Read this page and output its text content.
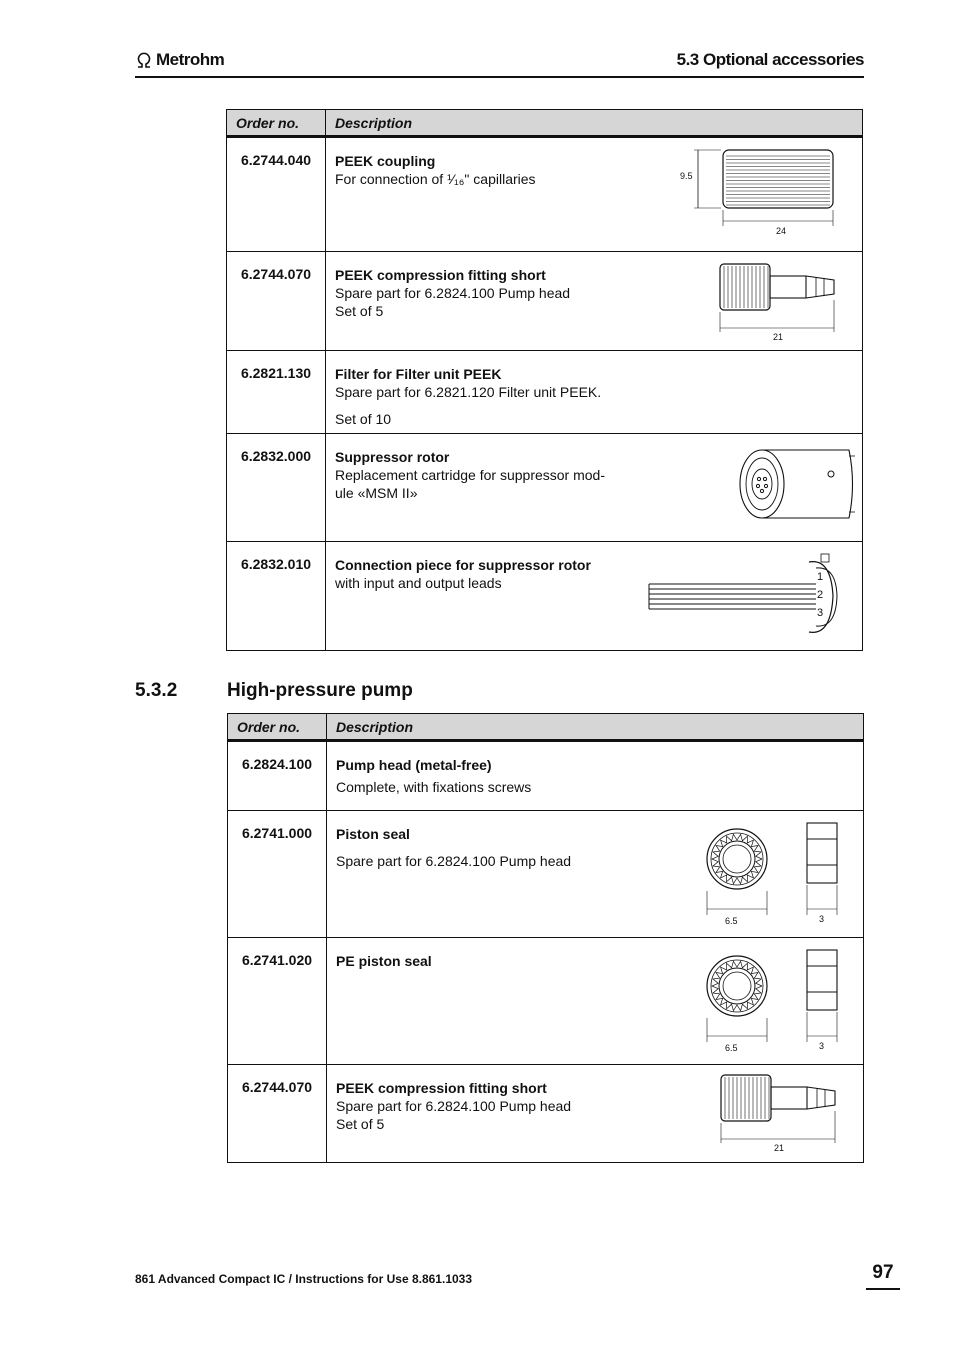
Metrohm	5.3 Optional accessories
Order no.	Description
6.2744.040	PEEK coupling
For connection of ¹⁄₁₆" capillaries 9.5
24

6.2744.070	PEEK compression fitting short
Spare part for 6.2824.100 Pump head
Set of 5
21

6.2821.130	Filter for Filter unit PEEK
Spare part for 6.2821.120 Filter unit PEEK.
Set of 10

6.2832.000	Suppressor rotor
Replacement cartridge for suppressor mod-
ule «MSM II»

6.2832.010	Connection piece for suppressor rotor
with input and output leads 1
2
3
5.3.2	High-pressure pump
Order no.	Description
6.2824.100	Pump head (metal-free)
Complete, with fixations screws

6.2741.000	Piston seal
Spare part for 6.2824.100 Pump head
6.5 3

6.2741.020	PE piston seal
6.5 3

6.2744.070	PEEK compression fitting short
Spare part for 6.2824.100 Pump head
Set of 5
21
861 Advanced Compact IC / Instructions for Use 8.861.1033	97
